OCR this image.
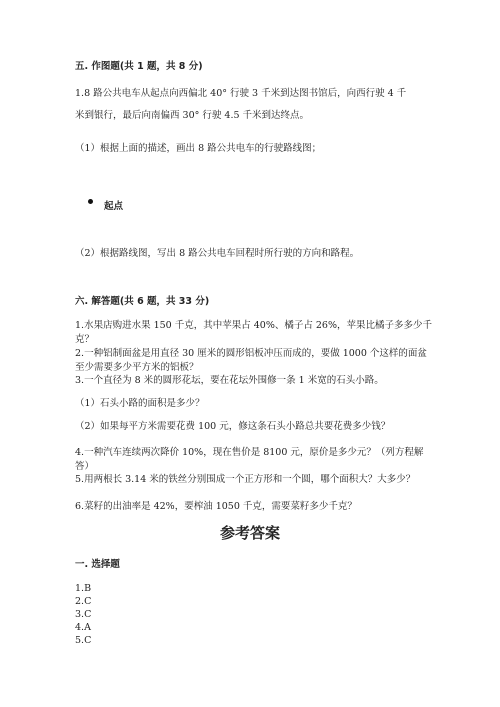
五. 作图题(共 1 题，共 8 分)
1.8 路公共电车从起点向西偏北 40° 行驶 3 千米到达图书馆后，向西行驶 4 千
米到银行，最后向南偏西 30° 行驶 4.5 千米到达终点。
（1）根据上面的描述，画出 8 路公共电车的行驶路线图；
起点
（2）根据路线图，写出 8 路公共电车回程时所行驶的方向和路程。
六. 解答题(共 6 题，共 33 分)
1.水果店购进水果 150 千克，其中苹果占 40%、橘子占 26%，苹果比橘子多多少千克？
2.一种铝制面盆是用直径 30 厘米的圆形铝板冲压而成的，要做 1000 个这样的面盆至少需要多少平方米的铝板？
3.一个直径为 8 米的圆形花坛，要在花坛外围修一条 1 米宽的石头小路。
（1）石头小路的面积是多少？
（2）如果每平方米需要花费 100 元，修这条石头小路总共要花费多少钱？
4.一种汽车连续两次降价 10%，现在售价是 8100 元，原价是多少元？（列方程解答）
5.用两根长 3.14 米的铁丝分别围成一个正方形和一个圆，哪个面积大？大多少？
6.菜籽的出油率是 42%，要榨油 1050 千克，需要菜籽多少千克？
参考答案
一. 选择题
1.B
2.C
3.C
4.A
5.C
